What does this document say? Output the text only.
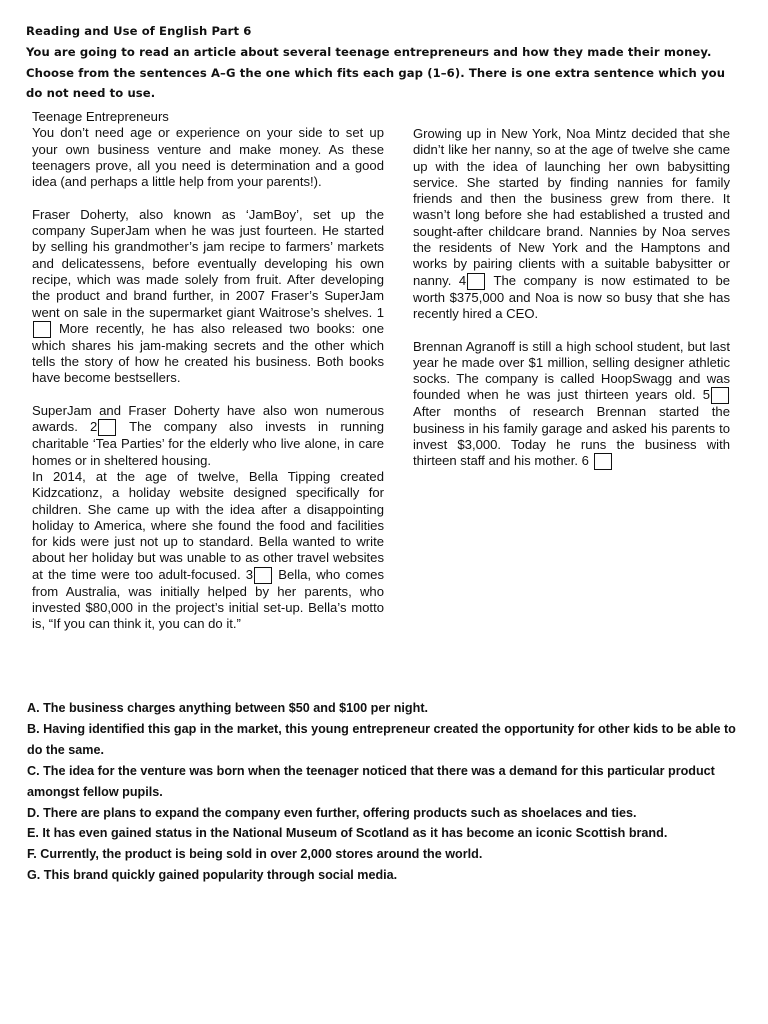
Reading and Use of English Part 6

You are going to read an article about several teenage entrepreneurs and how they made their money.

Choose from the sentences A–G the one which fits each gap (1–6). There is one extra sentence which you

do not need to use.

Teenage Entrepreneurs

You don’t need age or experience on your side to set up your own business venture and make money. As these teenagers prove, all you need is determination and a good idea (and perhaps a little help from your parents!).

Fraser Doherty, also known as ‘JamBoy’, set up the company SuperJam when he was just fourteen. He started by selling his grandmother’s jam recipe to farmers’ markets and delicatessens, before eventually developing his own recipe, which was made solely from fruit. After developing the product and brand further, in 2007 Fraser’s SuperJam went on sale in the supermarket giant Waitrose’s shelves. 1 More recently, he has also released two books: one which shares his jam-making secrets and the other which tells the story of how he created his business. Both books have become bestsellers.

SuperJam and Fraser Doherty have also won numerous awards. 2 The company also invests in running charitable ‘Tea Parties’ for the elderly who live alone, in care homes or in sheltered housing.

In 2014, at the age of twelve, Bella Tipping created Kidzcationz, a holiday website designed specifically for children. She came up with the idea after a disappointing holiday to America, where she found the food and facilities for kids were just not up to standard. Bella wanted to write about her holiday but was unable to as other travel websites at the time were too adult-focused. 3 Bella, who comes from Australia, was initially helped by her parents, who invested $80,000 in the project’s initial set-up. Bella’s motto is, “If you can think it, you can do it.”

Growing up in New York, Noa Mintz decided that she didn’t like her nanny, so at the age of twelve she came up with the idea of launching her own babysitting service. She started by finding nannies for family friends and then the business grew from there. It wasn’t long before she had established a trusted and sought-after childcare brand. Nannies by Noa serves the residents of New York and the Hamptons and works by pairing clients with a suitable babysitter or nanny. 4 The company is now estimated to be worth $375,000 and Noa is now so busy that she has recently hired a CEO.

Brennan Agranoff is still a high school student, but last year he made over $1 million, selling designer athletic socks. The company is called HoopSwagg and was founded when he was just thirteen years old. 5After months of research Brennan started the business in his family garage and asked his parents to invest $3,000. Today he runs the business with thirteen staff and his mother. 6

A. The business charges anything between $50 and $100 per night.

B. Having identified this gap in the market, this young entrepreneur created the opportunity for other kids to be able to do the same.

C. The idea for the venture was born when the teenager noticed that there was a demand for this particular product amongst fellow pupils.

D. There are plans to expand the company even further, offering products such as shoelaces and ties.

E. It has even gained status in the National Museum of Scotland as it has become an iconic Scottish brand.

F. Currently, the product is being sold in over 2,000 stores around the world.

G. This brand quickly gained popularity through social media.
